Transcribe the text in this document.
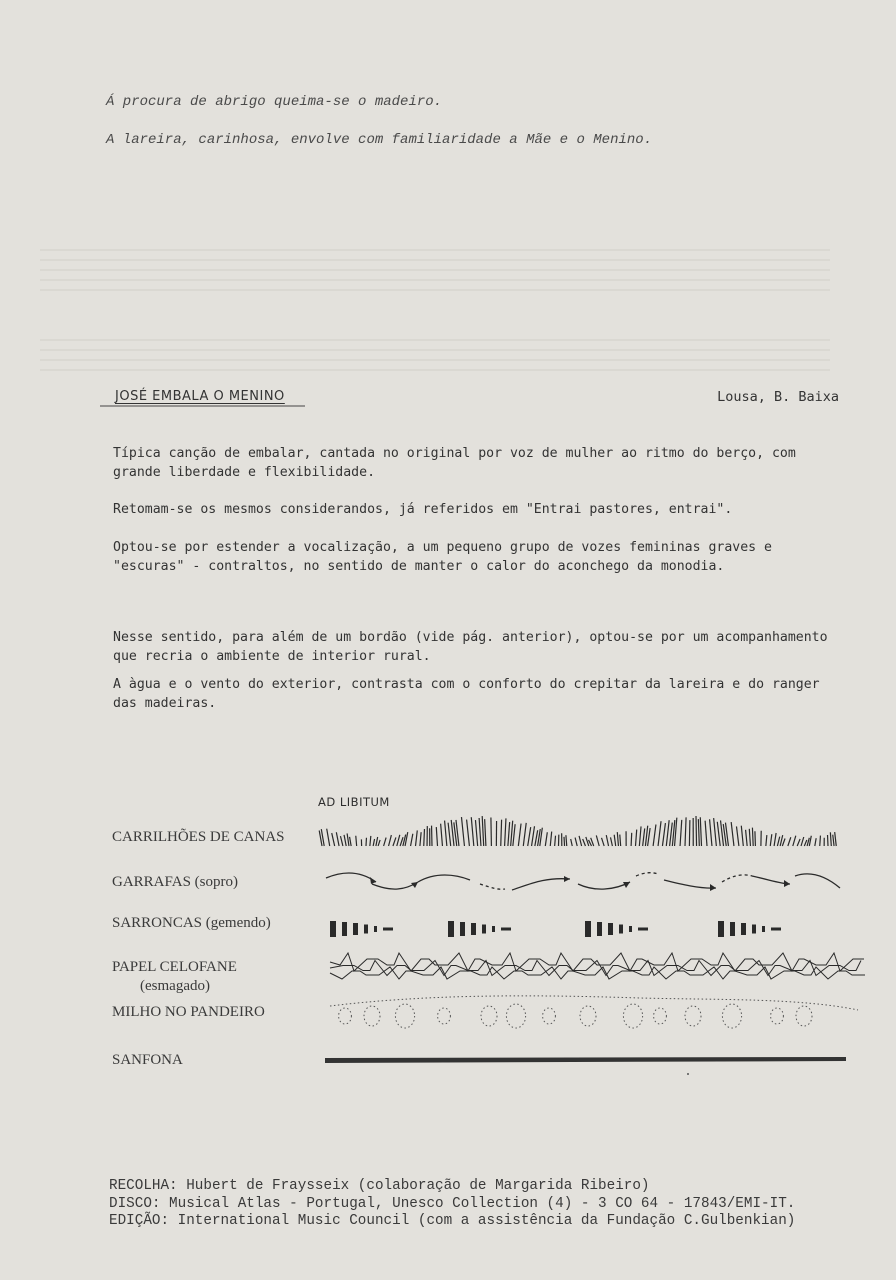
Á procura de abrigo queima-se o madeiro.
A lareira, carinhosa, envolve com familiaridade a Mãe e o Menino.
JOSÉ EMBALA O MENINO	Lousa, B. Baixa

Típica canção de embalar, cantada no original por voz de mulher ao ritmo do berço, com grande liberdade e flexibilidade.

Retomam-se os mesmos considerandos, já referidos em "Entrai pastores, entrai".

Optou-se por estender a vocalização, a um pequeno grupo de vozes femininas graves e "escuras" - contraltos, no sentido de manter o calor do aconchego da monodia.

Nesse sentido, para além de um bordão (vide pág. anterior), optou-se por um acompanhamento que recria o ambiente de interior rural.

A àgua e o vento do exterior, contrasta com o conforto do crepitar da lareira e do ranger das madeiras.

AD LIBITUM
CARRILHÕES DE CANAS
GARRAFAS (sopro)
SARRONCAS (gemendo)
PAPEL CELOFANE
(esmagado)
MILHO NO PANDEIRO
SANFONA
RECOLHA: Hubert de Fraysseix (colaboração de Margarida Ribeiro)
DISCO: Musical Atlas - Portugal, Unesco Collection (4) - 3 CO 64 - 17843/EMI-IT.
EDIÇÃO: International Music Council (com a assistência da Fundação C.Gulbenkian)
